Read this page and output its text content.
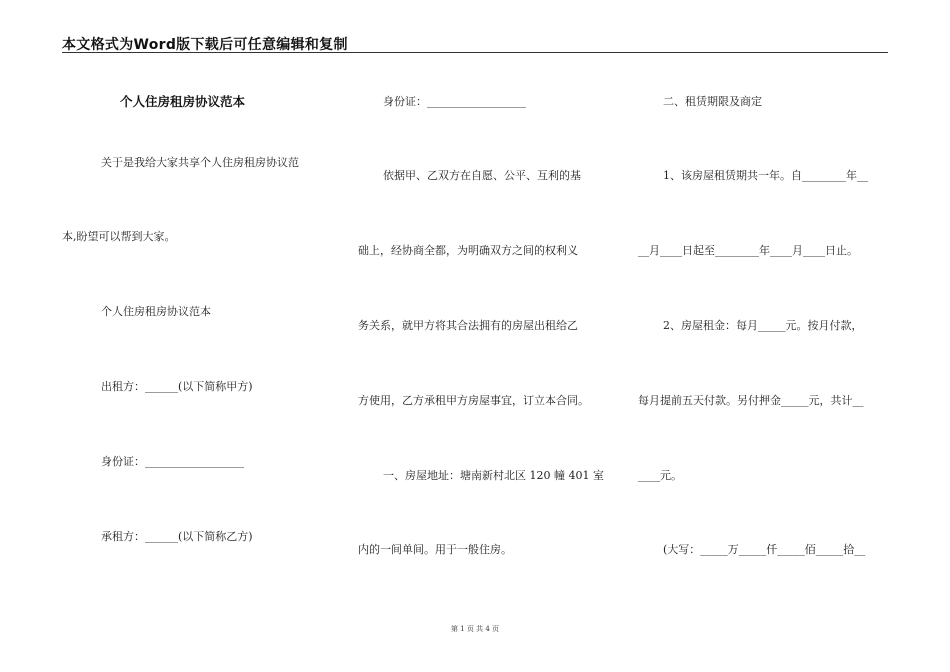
本文格式为Word版下载后可任意编辑和复制
个人住房租房协议范本
关于是我给大家共享个人住房租房协议范
本,盼望可以帮到大家。
个人住房租房协议范本
出租方：______(以下简称甲方)
身份证：__________________
承租方：______(以下简称乙方)
身份证：__________________
依据甲、乙双方在自愿、公平、互利的基
础上，经协商全都，为明确双方之间的权利义
务关系，就甲方将其合法拥有的房屋出租给乙
方使用，乙方承租甲方房屋事宜，订立本合同。
一、房屋地址：塘南新村北区 120 幢 401 室
内的一间单间。用于一般住房。
二、租赁期限及商定
1、该房屋租赁期共一年。自________年__
__月____日起至________年____月____日止。
2、房屋租金：每月_____元。按月付款，
每月提前五天付款。另付押金_____元，共计__
____元。
(大写：_____万_____仟_____佰_____拾__
第 1 页 共 4 页
